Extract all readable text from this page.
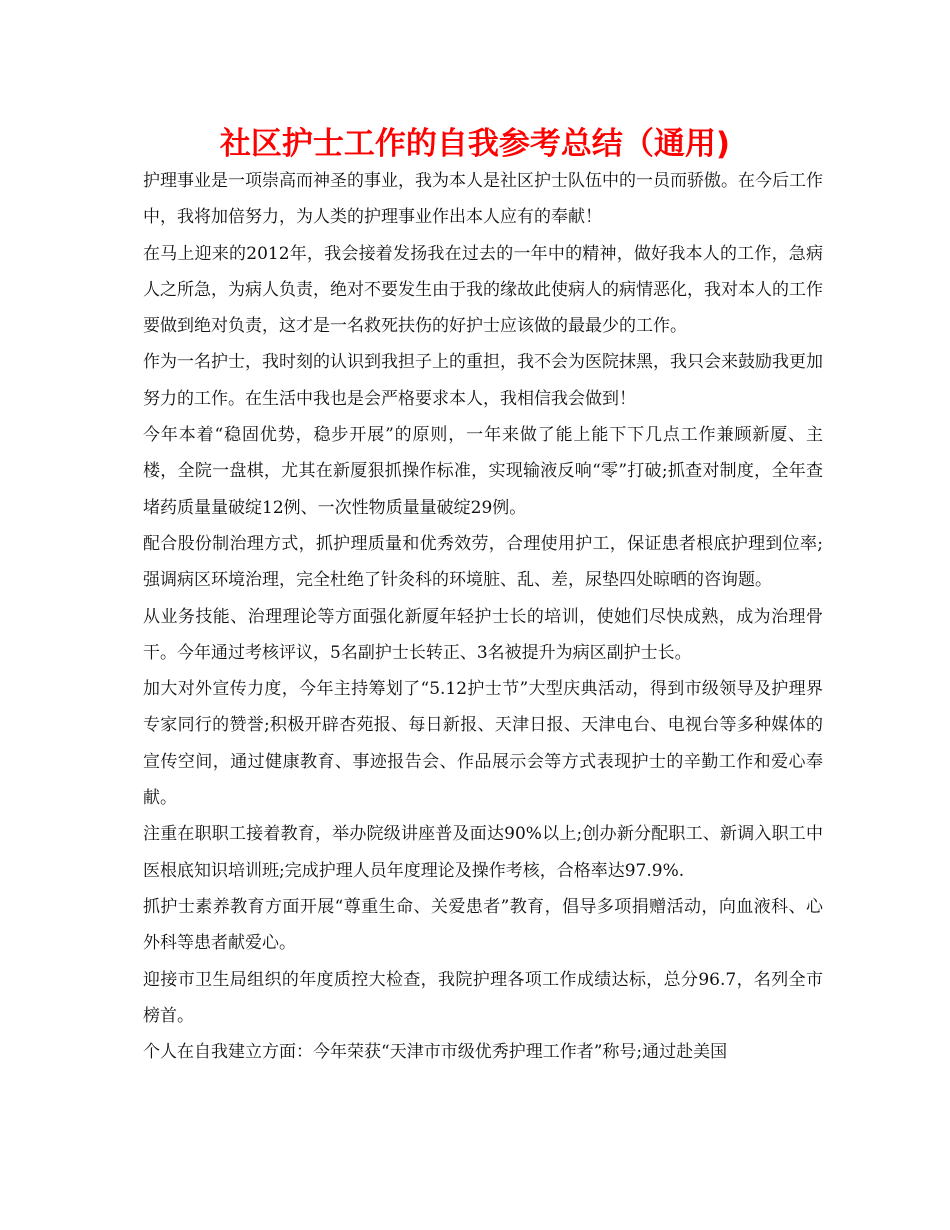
社区护士工作的自我参考总结（通用)

护理事业是一项崇高而神圣的事业，我为本人是社区护士队伍中的一员而骄傲。在今后工作中，我将加倍努力，为人类的护理事业作出本人应有的奉献！

在马上迎来的2012年，我会接着发扬我在过去的一年中的精神，做好我本人的工作，急病人之所急，为病人负责，绝对不要发生由于我的缘故此使病人的病情恶化，我对本人的工作要做到绝对负责，这才是一名救死扶伤的好护士应该做的最最少的工作。

作为一名护士，我时刻的认识到我担子上的重担，我不会为医院抹黑，我只会来鼓励我更加努力的工作。在生活中我也是会严格要求本人，我相信我会做到！

今年本着“稳固优势，稳步开展”的原则，一年来做了能上能下下几点工作兼顾新厦、主楼，全院一盘棋，尤其在新厦狠抓操作标准，实现输液反响“零”打破;抓查对制度，全年查堵药质量量破绽12例、一次性物质量量破绽29例。

配合股份制治理方式，抓护理质量和优秀效劳，合理使用护工，保证患者根底护理到位率;强调病区环境治理，完全杜绝了针灸科的环境脏、乱、差，尿垫四处晾晒的咨询题。

从业务技能、治理理论等方面强化新厦年轻护士长的培训，使她们尽快成熟，成为治理骨干。今年通过考核评议，5名副护士长转正、3名被提升为病区副护士长。

加大对外宣传力度，今年主持筹划了“5.12护士节”大型庆典活动，得到市级领导及护理界专家同行的赞誉;积极开辟杏苑报、每日新报、天津日报、天津电台、电视台等多种媒体的宣传空间，通过健康教育、事迹报告会、作品展示会等方式表现护士的辛勤工作和爱心奉献。

注重在职职工接着教育，举办院级讲座普及面达90%以上;创办新分配职工、新调入职工中医根底知识培训班;完成护理人员年度理论及操作考核，合格率达97.9%.

抓护士素养教育方面开展“尊重生命、关爱患者”教育，倡导多项捐赠活动，向血液科、心外科等患者献爱心。

迎接市卫生局组织的年度质控大检查，我院护理各项工作成绩达标，总分96.7，名列全市榜首。

个人在自我建立方面：今年荣获“天津市市级优秀护理工作者”称号;通过赴美国
